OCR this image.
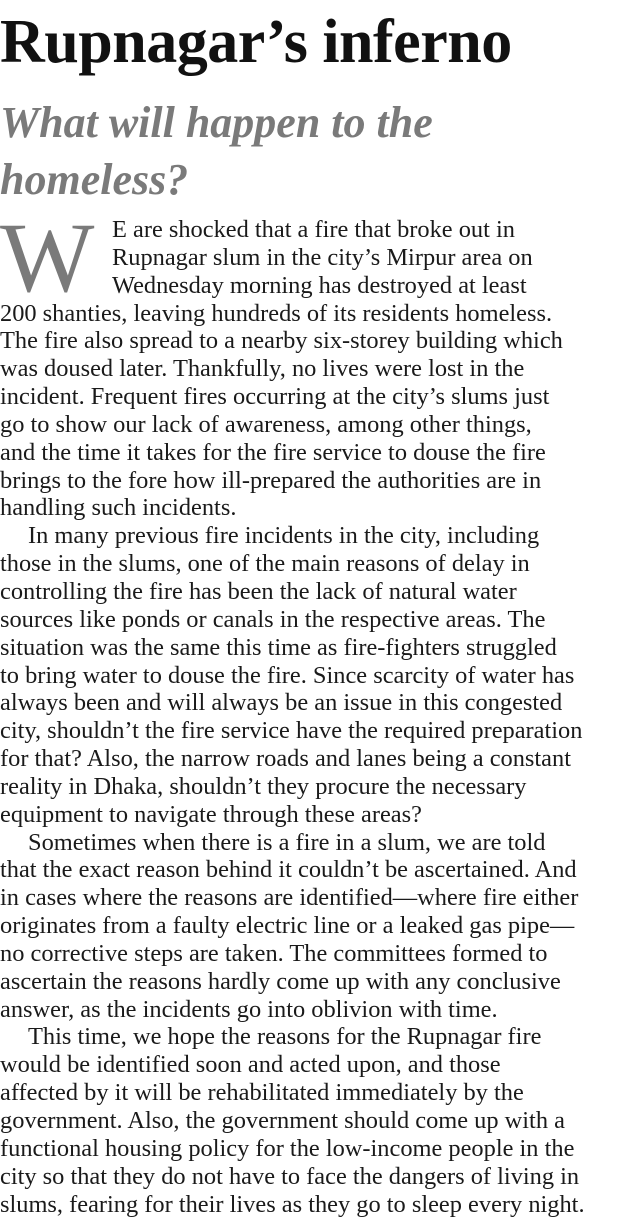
Rupnagar’s inferno
What will happen to the homeless?
W E are shocked that a fire that broke out in
Rupnagar slum in the city’s Mirpur area on
Wednesday morning has destroyed at least
200 shanties, leaving hundreds of its residents homeless.
The fire also spread to a nearby six-storey building which
was doused later. Thankfully, no lives were lost in the
incident. Frequent fires occurring at the city’s slums just
go to show our lack of awareness, among other things,
and the time it takes for the fire service to douse the fire
brings to the fore how ill-prepared the authorities are in
handling such incidents.
In many previous fire incidents in the city, including
those in the slums, one of the main reasons of delay in
controlling the fire has been the lack of natural water
sources like ponds or canals in the respective areas. The
situation was the same this time as fire-fighters struggled
to bring water to douse the fire. Since scarcity of water has
always been and will always be an issue in this congested
city, shouldn’t the fire service have the required preparation
for that? Also, the narrow roads and lanes being a constant
reality in Dhaka, shouldn’t they procure the necessary
equipment to navigate through these areas?
Sometimes when there is a fire in a slum, we are told
that the exact reason behind it couldn’t be ascertained. And
in cases where the reasons are identified—where fire either
originates from a faulty electric line or a leaked gas pipe—
no corrective steps are taken. The committees formed to
ascertain the reasons hardly come up with any conclusive
answer, as the incidents go into oblivion with time.
This time, we hope the reasons for the Rupnagar fire
would be identified soon and acted upon, and those
affected by it will be rehabilitated immediately by the
government. Also, the government should come up with a
functional housing policy for the low-income people in the
city so that they do not have to face the dangers of living in
slums, fearing for their lives as they go to sleep every night.
